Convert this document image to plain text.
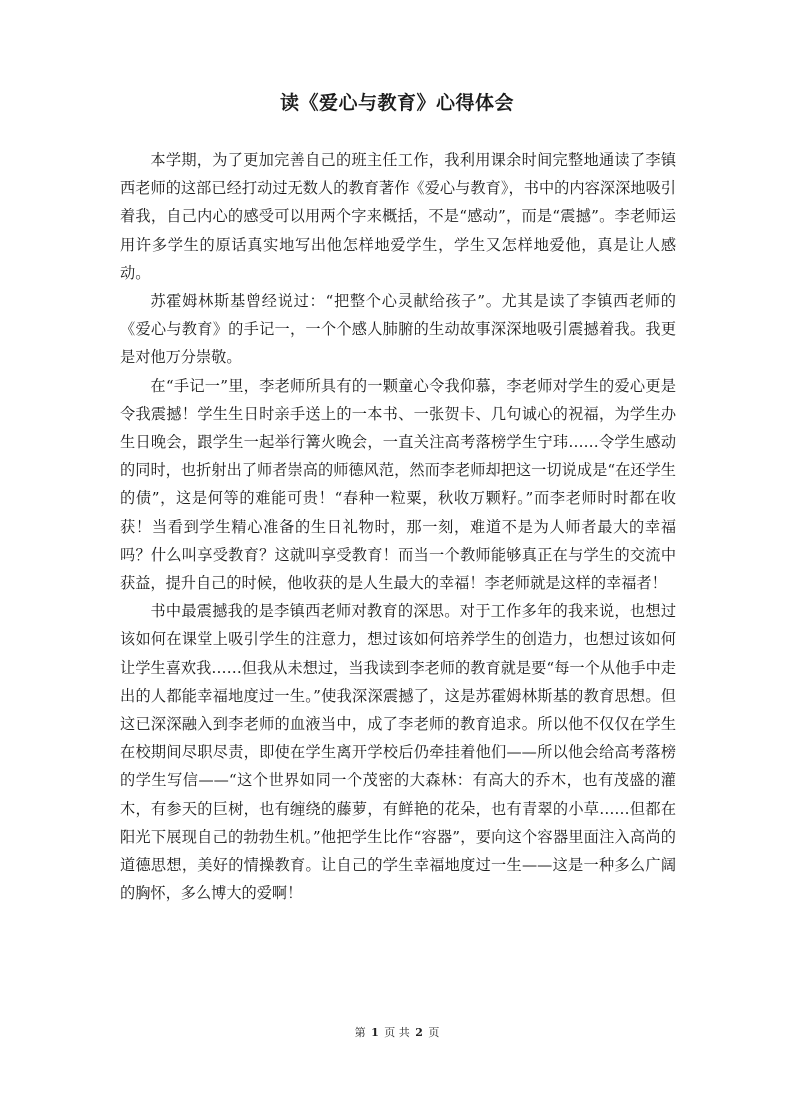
读《爱心与教育》心得体会

本学期，为了更加完善自己的班主任工作，我利用课余时间完整地通读了李镇西老师的这部已经打动过无数人的教育著作《爱心与教育》，书中的内容深深地吸引着我，自己内心的感受可以用两个字来概括，不是“感动”，而是“震撼”。李老师运用许多学生的原话真实地写出他怎样地爱学生，学生又怎样地爱他，真是让人感动。

苏霍姆林斯基曾经说过：“把整个心灵献给孩子”。尤其是读了李镇西老师的《爱心与教育》的手记一，一个个感人肺腑的生动故事深深地吸引震撼着我。我更是对他万分崇敬。

在“手记一”里，李老师所具有的一颗童心令我仰慕，李老师对学生的爱心更是令我震撼！学生生日时亲手送上的一本书、一张贺卡、几句诚心的祝福，为学生办生日晚会，跟学生一起举行篝火晚会，一直关注高考落榜学生宁玮……令学生感动的同时，也折射出了师者崇高的师德风范，然而李老师却把这一切说成是“在还学生的债”，这是何等的难能可贵！“春种一粒粟，秋收万颗籽。”而李老师时时都在收获！当看到学生精心准备的生日礼物时，那一刻，难道不是为人师者最大的幸福吗？什么叫享受教育？这就叫享受教育！而当一个教师能够真正在与学生的交流中获益，提升自己的时候，他收获的是人生最大的幸福！李老师就是这样的幸福者！

书中最震撼我的是李镇西老师对教育的深思。对于工作多年的我来说，也想过该如何在课堂上吸引学生的注意力，想过该如何培养学生的创造力，也想过该如何让学生喜欢我……但我从未想过，当我读到李老师的教育就是要“每一个从他手中走出的人都能幸福地度过一生。”使我深深震撼了，这是苏霍姆林斯基的教育思想。但这已深深融入到李老师的血液当中，成了李老师的教育追求。所以他不仅仅在学生在校期间尽职尽责，即使在学生离开学校后仍牵挂着他们——所以他会给高考落榜的学生写信——“这个世界如同一个茂密的大森林：有高大的乔木，也有茂盛的灌木，有参天的巨树，也有缠绕的藤萝，有鲜艳的花朵，也有青翠的小草……但都在阳光下展现自己的勃勃生机。”他把学生比作“容器”，要向这个容器里面注入高尚的道德思想，美好的情操教育。让自己的学生幸福地度过一生——这是一种多么广阔的胸怀，多么博大的爱啊！

第 1 页 共 2 页
